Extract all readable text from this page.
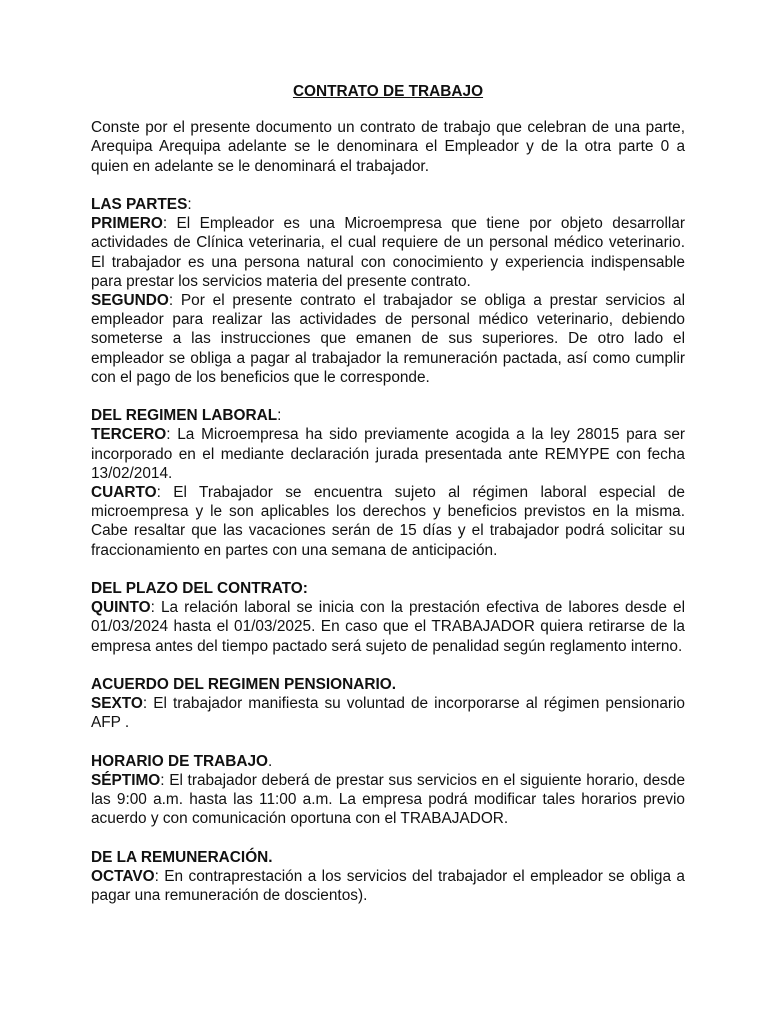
CONTRATO DE TRABAJO

Conste por el presente documento un contrato de trabajo que celebran de una parte, Arequipa Arequipa adelante se le denominara el Empleador y de la otra parte 0 a quien en adelante se le denominará el trabajador.

LAS PARTES:

PRIMERO: El Empleador es una Microempresa que tiene por objeto desarrollar actividades de Clínica veterinaria, el cual requiere de un personal médico veterinario. El trabajador es una persona natural con conocimiento y experiencia indispensable para prestar los servicios materia del presente contrato.

SEGUNDO: Por el presente contrato el trabajador se obliga a prestar servicios al empleador para realizar las actividades de personal médico veterinario, debiendo someterse a las instrucciones que emanen de sus superiores. De otro lado el empleador se obliga a pagar al trabajador la remuneración pactada, así como cumplir con el pago de los beneficios que le corresponde.

DEL REGIMEN LABORAL:

TERCERO: La Microempresa ha sido previamente acogida a la ley 28015 para ser incorporado en el mediante declaración jurada presentada ante REMYPE con fecha 13/02/2014.

CUARTO: El Trabajador se encuentra sujeto al régimen laboral especial de microempresa y le son aplicables los derechos y beneficios previstos en la misma. Cabe resaltar que las vacaciones serán de 15 días y el trabajador podrá solicitar su fraccionamiento en partes con una semana de anticipación.

DEL PLAZO DEL CONTRATO:

QUINTO: La relación laboral se inicia con la prestación efectiva de labores desde el 01/03/2024 hasta el 01/03/2025. En caso que el TRABAJADOR quiera retirarse de la empresa antes del tiempo pactado será sujeto de penalidad según reglamento interno.

ACUERDO DEL REGIMEN PENSIONARIO.

SEXTO: El trabajador manifiesta su voluntad de incorporarse al régimen pensionario AFP .

HORARIO DE TRABAJO.

SÉPTIMO: El trabajador deberá de prestar sus servicios en el siguiente horario, desde las 9:00 a.m. hasta las 11:00 a.m. La empresa podrá modificar tales horarios previo acuerdo y con comunicación oportuna con el TRABAJADOR.

DE LA REMUNERACIÓN.

OCTAVO: En contraprestación a los servicios del trabajador el empleador se obliga a pagar una remuneración de doscientos).
